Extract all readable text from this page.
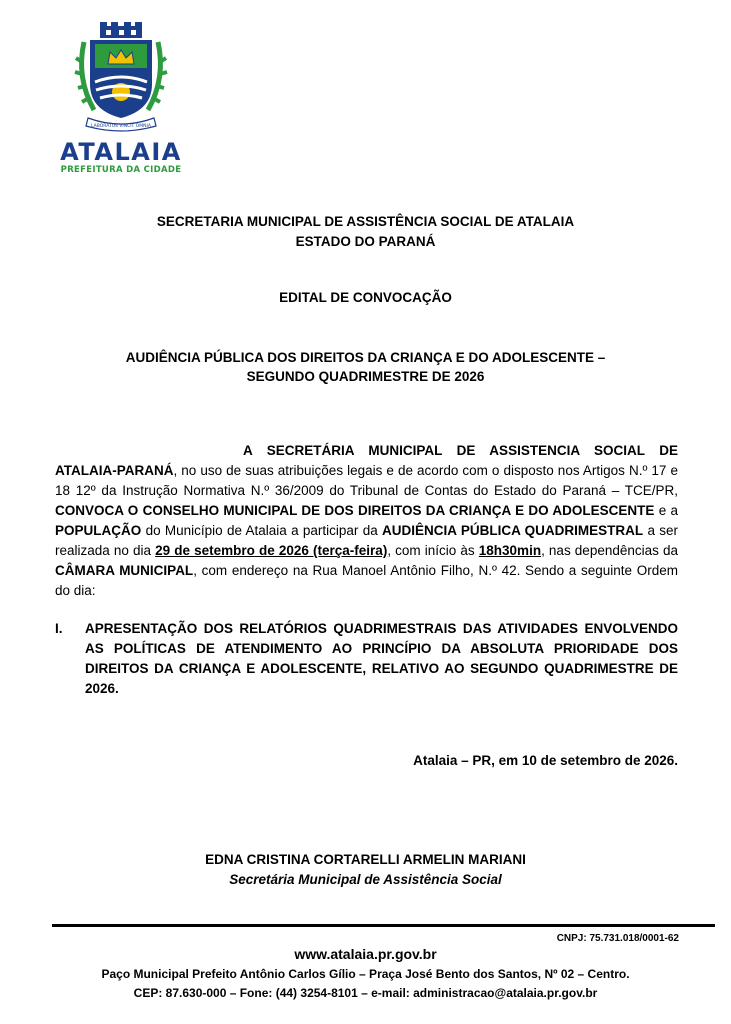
LABORATUS VINCIT OMNIA
ATALAIA
PREFEITURA DA CIDADE
SECRETARIA MUNICIPAL DE ASSISTÊNCIA SOCIAL DE ATALAIA
ESTADO DO PARANÁ
EDITAL DE CONVOCAÇÃO
AUDIÊNCIA PÚBLICA DOS DIREITOS DA CRIANÇA E DO ADOLESCENTE –
SEGUNDO QUADRIMESTRE DE 2026
A SECRETÁRIA MUNICIPAL DE ASSISTENCIA SOCIAL DE ATALAIA-PARANÁ, no uso de suas atribuições legais e de acordo com o disposto nos Artigos N.º 17 e 18 12º da Instrução Normativa N.º 36/2009 do Tribunal de Contas do Estado do Paraná – TCE/PR, CONVOCA O CONSELHO MUNICIPAL DE DOS DIREITOS DA CRIANÇA E DO ADOLESCENTE e a POPULAÇÃO do Município de Atalaia a participar da AUDIÊNCIA PÚBLICA QUADRIMESTRAL a ser realizada no dia 29 de setembro de 2026 (terça-feira), com início às 18h30min, nas dependências da CÂMARA MUNICIPAL, com endereço na Rua Manoel Antônio Filho, N.º 42. Sendo a seguinte Ordem do dia:
I. APRESENTAÇÃO DOS RELATÓRIOS QUADRIMESTRAIS DAS ATIVIDADES ENVOLVENDO AS POLÍTICAS DE ATENDIMENTO AO PRINCÍPIO DA ABSOLUTA PRIORIDADE DOS DIREITOS DA CRIANÇA E ADOLESCENTE, RELATIVO AO SEGUNDO QUADRIMESTRE DE 2026.
Atalaia – PR, em 10 de setembro de 2026.
EDNA CRISTINA CORTARELLI ARMELIN MARIANI
Secretária Municipal de Assistência Social
CNPJ: 75.731.018/0001-62
www.atalaia.pr.gov.br
Paço Municipal Prefeito Antônio Carlos Gílio – Praça José Bento dos Santos, Nº 02 – Centro.
CEP: 87.630-000 – Fone: (44) 3254-8101 – e-mail: administracao@atalaia.pr.gov.br
